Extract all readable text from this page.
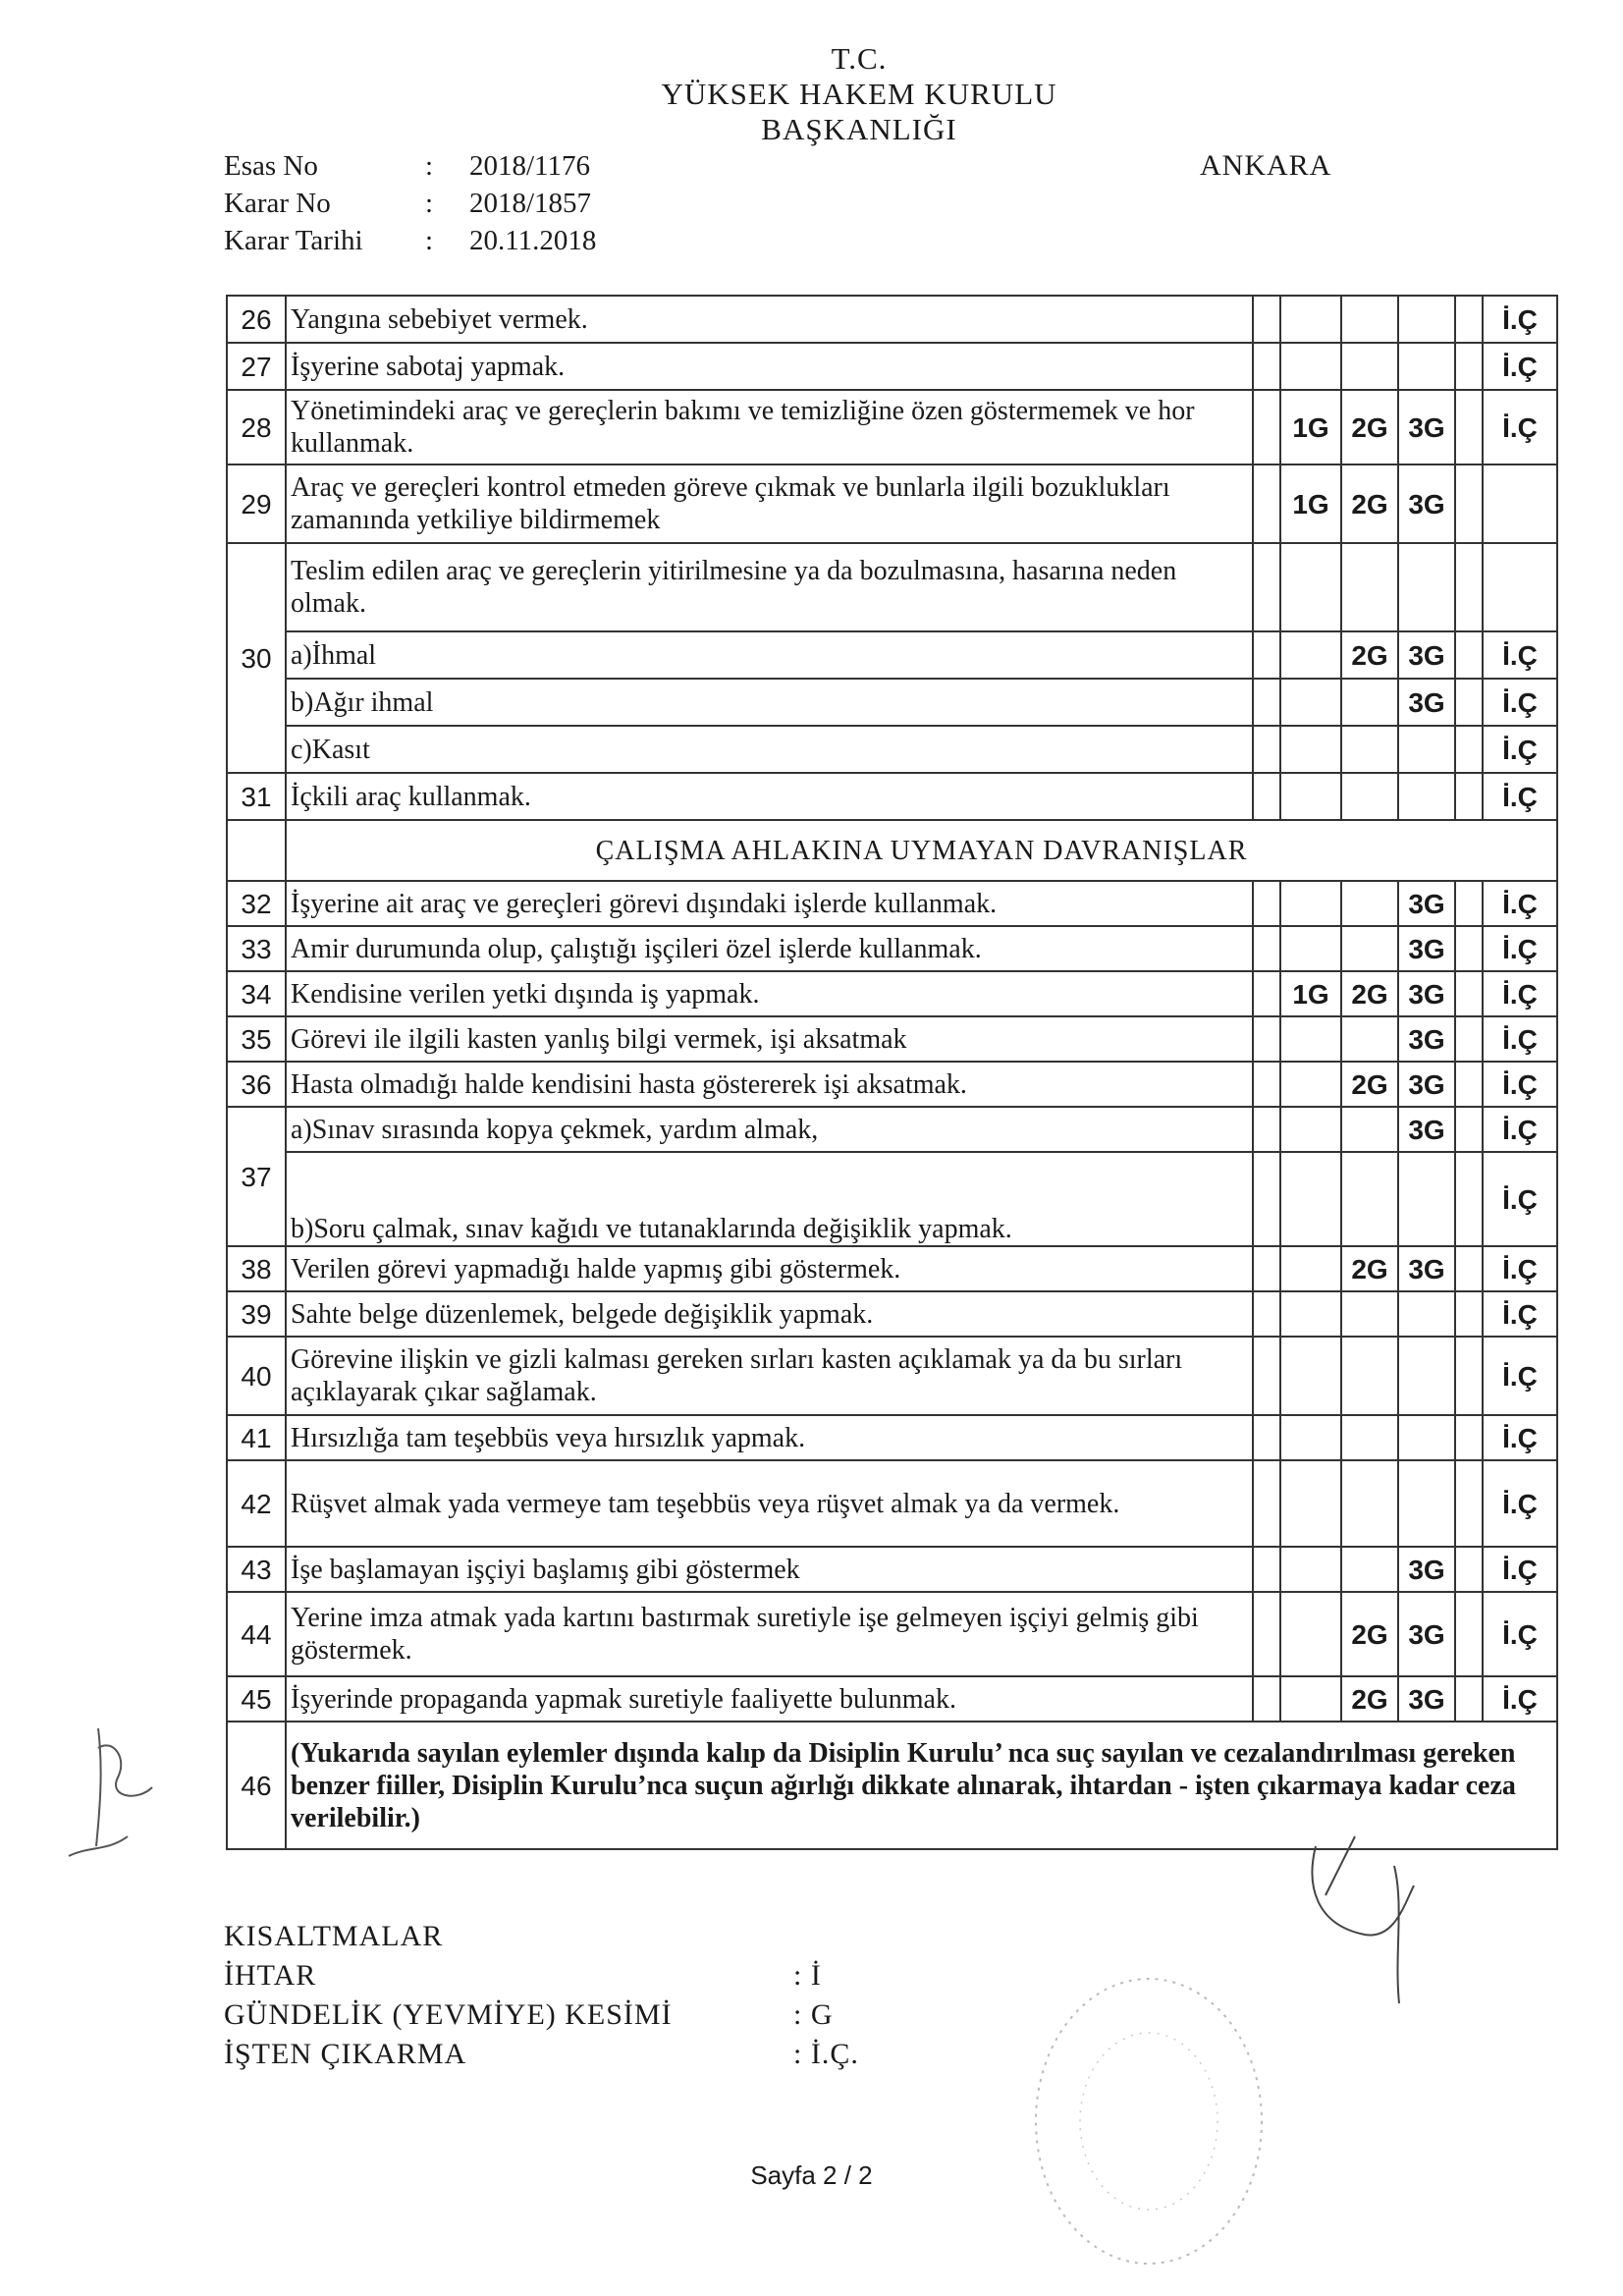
T.C.
YÜKSEK HAKEM KURULU
BAŞKANLIĞI
Esas No	:	2018/1176
Karar No	:	2018/1857
Karar Tarihi	:	20.11.2018
ANKARA
26	Yangına sebebiyet vermek.						İ.Ç
27	İşyerine sabotaj yapmak.						İ.Ç
28	Yönetimindeki araç ve gereçlerin bakımı ve temizliğine özen göstermemek ve hor kullanmak.		1G	2G	3G		İ.Ç
29	Araç ve gereçleri kontrol etmeden göreve çıkmak ve bunlarla ilgili bozuklukları zamanında yetkiliye bildirmemek		1G	2G	3G		
30	Teslim edilen araç ve gereçlerin yitirilmesine ya da bozulmasına, hasarına neden olmak.						
	a)İhmal			2G	3G		İ.Ç
	b)Ağır ihmal				3G		İ.Ç
	c)Kasıt						İ.Ç
31	İçkili araç kullanmak.						İ.Ç
	ÇALIŞMA AHLAKINA UYMAYAN DAVRANIŞLAR						
32	İşyerine ait araç ve gereçleri görevi dışındaki işlerde kullanmak.				3G		İ.Ç
33	Amir durumunda olup, çalıştığı işçileri özel işlerde kullanmak.				3G		İ.Ç
34	Kendisine verilen yetki dışında iş yapmak.		1G	2G	3G		İ.Ç
35	Görevi ile ilgili kasten yanlış bilgi vermek, işi aksatmak				3G		İ.Ç
36	Hasta olmadığı halde kendisini hasta göstererek işi aksatmak.			2G	3G		İ.Ç
37	a)Sınav sırasında kopya çekmek, yardım almak,				3G		İ.Ç
	b)Soru çalmak, sınav kağıdı ve tutanaklarında değişiklik yapmak.						İ.Ç
38	Verilen görevi yapmadığı halde yapmış gibi göstermek.			2G	3G		İ.Ç
39	Sahte belge düzenlemek, belgede değişiklik yapmak.						İ.Ç
40	Görevine ilişkin ve gizli kalması gereken sırları kasten açıklamak ya da bu sırları açıklayarak çıkar sağlamak.						İ.Ç
41	Hırsızlığa tam teşebbüs veya hırsızlık yapmak.						İ.Ç
42	Rüşvet almak yada vermeye tam teşebbüs veya rüşvet almak ya da vermek.						İ.Ç
43	İşe başlamayan işçiyi başlamış gibi göstermek				3G		İ.Ç
44	Yerine imza atmak yada kartını bastırmak suretiyle işe gelmeyen işçiyi gelmiş gibi göstermek.			2G	3G		İ.Ç
45	İşyerinde propaganda yapmak suretiyle faaliyette bulunmak.			2G	3G		İ.Ç
46	(Yukarıda sayılan eylemler dışında kalıp da Disiplin Kurulu’ nca suç sayılan ve cezalandırılması gereken benzer fiiller, Disiplin Kurulu’nca suçun ağırlığı dikkate alınarak, ihtardan - işten çıkarmaya kadar ceza verilebilir.)						
KISALTMALAR
İHTAR	: İ
GÜNDELİK (YEVMİYE) KESİMİ	: G
İŞTEN ÇIKARMA	: İ.Ç.
Sayfa 2 / 2
